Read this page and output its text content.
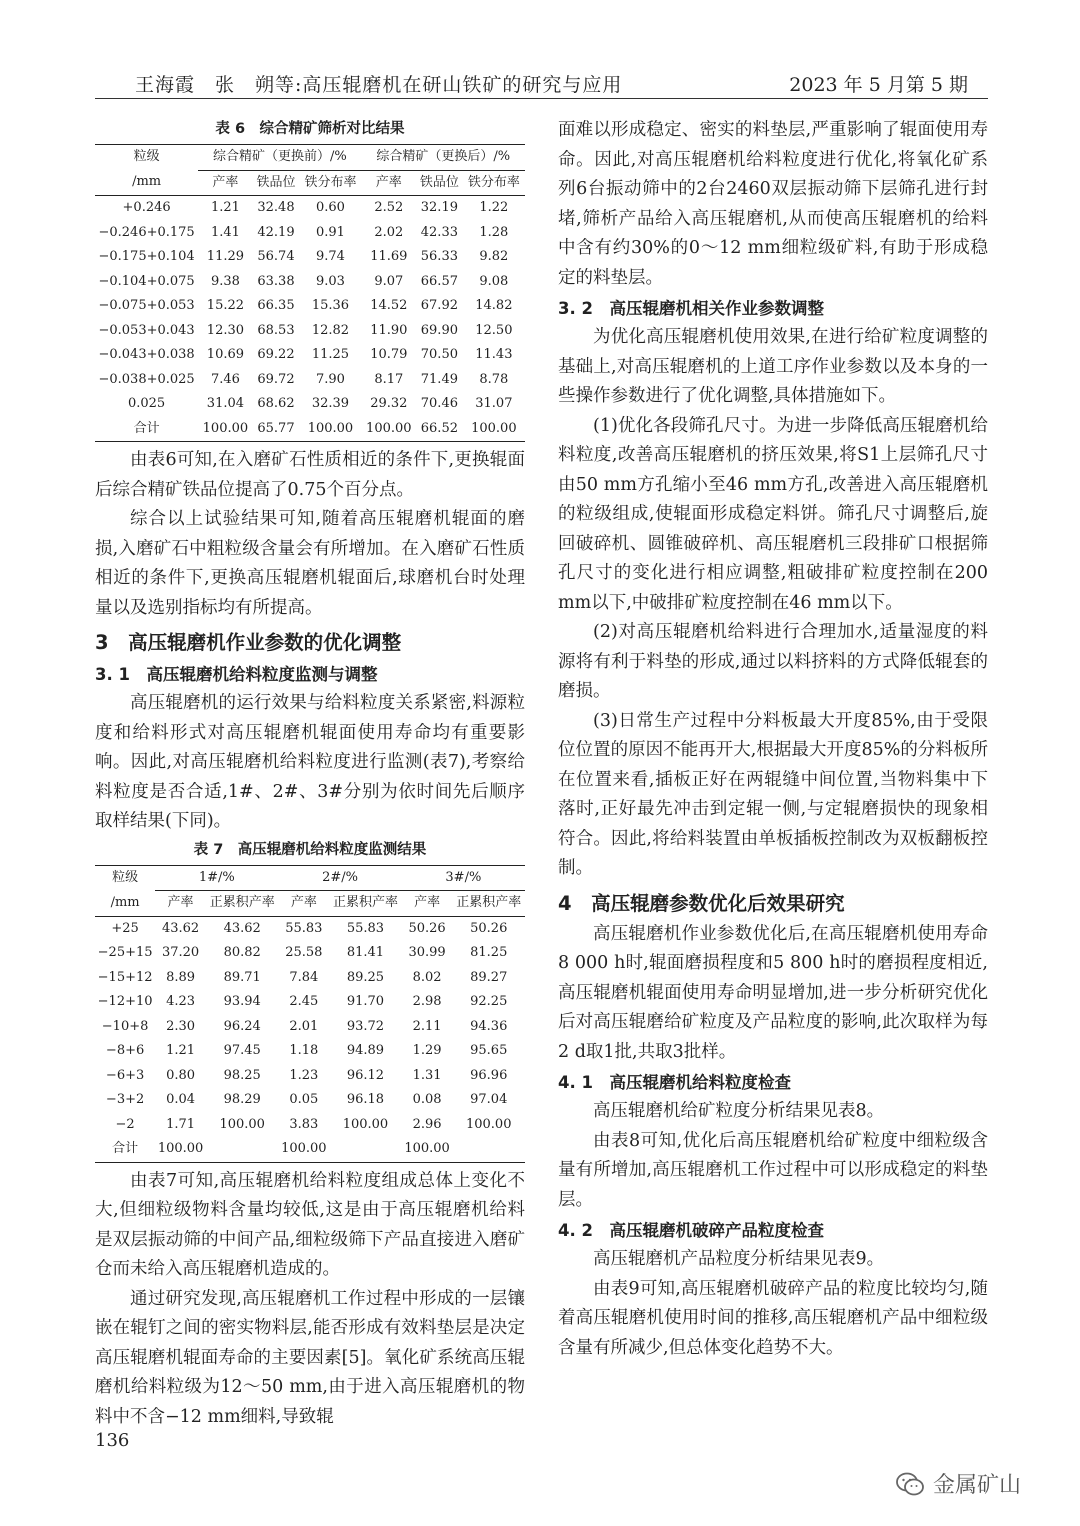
王海霞　张　朔等:高压辊磨机在研山铁矿的研究与应用	2023 年 5 月第 5 期
表 6　综合精矿筛析对比结果
粒级	综合精矿（更换前）/%			综合精矿（更换后）/%		
/mm	产率	铁品位	铁分布率	产率	铁品位	铁分布率
+0.246	1.21	32.48	0.60	2.52	32.19	1.22
−0.246+0.175	1.41	42.19	0.91	2.02	42.33	1.28
−0.175+0.104	11.29	56.74	9.74	11.69	56.33	9.82
−0.104+0.075	9.38	63.38	9.03	9.07	66.57	9.08
−0.075+0.053	15.22	66.35	15.36	14.52	67.92	14.82
−0.053+0.043	12.30	68.53	12.82	11.90	69.90	12.50
−0.043+0.038	10.69	69.22	11.25	10.79	70.50	11.43
−0.038+0.025	7.46	69.72	7.90	8.17	71.49	8.78
0.025	31.04	68.62	32.39	29.32	70.46	31.07
合计	100.00	65.77	100.00	100.00	66.52	100.00

由表6可知,在入磨矿石性质相近的条件下,更换辊面后综合精矿铁品位提高了0.75个百分点。

综合以上试验结果可知,随着高压辊磨机辊面的磨损,入磨矿石中粗粒级含量会有所增加。在入磨矿石性质相近的条件下,更换高压辊磨机辊面后,球磨机台时处理量以及选别指标均有所提高。

3　高压辊磨机作业参数的优化调整
3. 1　高压辊磨机给料粒度监测与调整

高压辊磨机的运行效果与给料粒度关系紧密,料源粒度和给料形式对高压辊磨机辊面使用寿命均有重要影响。因此,对高压辊磨机给料粒度进行监测(表7),考察给料粒度是否合适,1#、2#、3#分别为依时间先后顺序取样结果(下同)。

表 7　高压辊磨机给料粒度监测结果
粒级	1#/%		2#/%		3#/%	
/mm	产率	正累积产率	产率	正累积产率	产率	正累积产率
+25	43.62	43.62	55.83	55.83	50.26	50.26
−25+15	37.20	80.82	25.58	81.41	30.99	81.25
−15+12	8.89	89.71	7.84	89.25	8.02	89.27
−12+10	4.23	93.94	2.45	91.70	2.98	92.25
−10+8	2.30	96.24	2.01	93.72	2.11	94.36
−8+6	1.21	97.45	1.18	94.89	1.29	95.65
−6+3	0.80	98.25	1.23	96.12	1.31	96.96
−3+2	0.04	98.29	0.05	96.18	0.08	97.04
−2	1.71	100.00	3.83	100.00	2.96	100.00
合计	100.00		100.00		100.00	

由表7可知,高压辊磨机给料粒度组成总体上变化不大,但细粒级物料含量均较低,这是由于高压辊磨机给料是双层振动筛的中间产品,细粒级筛下产品直接进入磨矿仓而未给入高压辊磨机造成的。

通过研究发现,高压辊磨机工作过程中形成的一层镶嵌在辊钉之间的密实物料层,能否形成有效料垫层是决定高压辊磨机辊面寿命的主要因素[5]。氧化矿系统高压辊磨机给料粒级为12～50 mm,由于进入高压辊磨机的物料中不含−12 mm细料,导致辊

面难以形成稳定、密实的料垫层,严重影响了辊面使用寿命。因此,对高压辊磨机给料粒度进行优化,将氧化矿系列6台振动筛中的2台2460双层振动筛下层筛孔进行封堵,筛析产品给入高压辊磨机,从而使高压辊磨机的给料中含有约30%的0～12 mm细粒级矿料,有助于形成稳定的料垫层。

3. 2　高压辊磨机相关作业参数调整

为优化高压辊磨机使用效果,在进行给矿粒度调整的基础上,对高压辊磨机的上道工序作业参数以及本身的一些操作参数进行了优化调整,具体措施如下。

(1)优化各段筛孔尺寸。为进一步降低高压辊磨机给料粒度,改善高压辊磨机的挤压效果,将S1上层筛孔尺寸由50 mm方孔缩小至46 mm方孔,改善进入高压辊磨机的粒级组成,使辊面形成稳定料饼。筛孔尺寸调整后,旋回破碎机、圆锥破碎机、高压辊磨机三段排矿口根据筛孔尺寸的变化进行相应调整,粗破排矿粒度控制在200 mm以下,中破排矿粒度控制在46 mm以下。

(2)对高压辊磨机给料进行合理加水,适量湿度的料源将有利于料垫的形成,通过以料挤料的方式降低辊套的磨损。

(3)日常生产过程中分料板最大开度85%,由于受限位位置的原因不能再开大,根据最大开度85%的分料板所在位置来看,插板正好在两辊缝中间位置,当物料集中下落时,正好最先冲击到定辊一侧,与定辊磨损快的现象相符合。因此,将给料装置由单板插板控制改为双板翻板控制。

4　高压辊磨参数优化后效果研究

高压辊磨机作业参数优化后,在高压辊磨机使用寿命8 000 h时,辊面磨损程度和5 800 h时的磨损程度相近,高压辊磨机辊面使用寿命明显增加,进一步分析研究优化后对高压辊磨给矿粒度及产品粒度的影响,此次取样为每2 d取1批,共取3批样。

4. 1　高压辊磨机给料粒度检查

高压辊磨机给矿粒度分析结果见表8。

由表8可知,优化后高压辊磨机给矿粒度中细粒级含量有所增加,高压辊磨机工作过程中可以形成稳定的料垫层。

4. 2　高压辊磨机破碎产品粒度检查

高压辊磨机产品粒度分析结果见表9。

由表9可知,高压辊磨机破碎产品的粒度比较均匀,随着高压辊磨机使用时间的推移,高压辊磨机产品中细粒级含量有所减少,但总体变化趋势不大。

136
金属矿山
